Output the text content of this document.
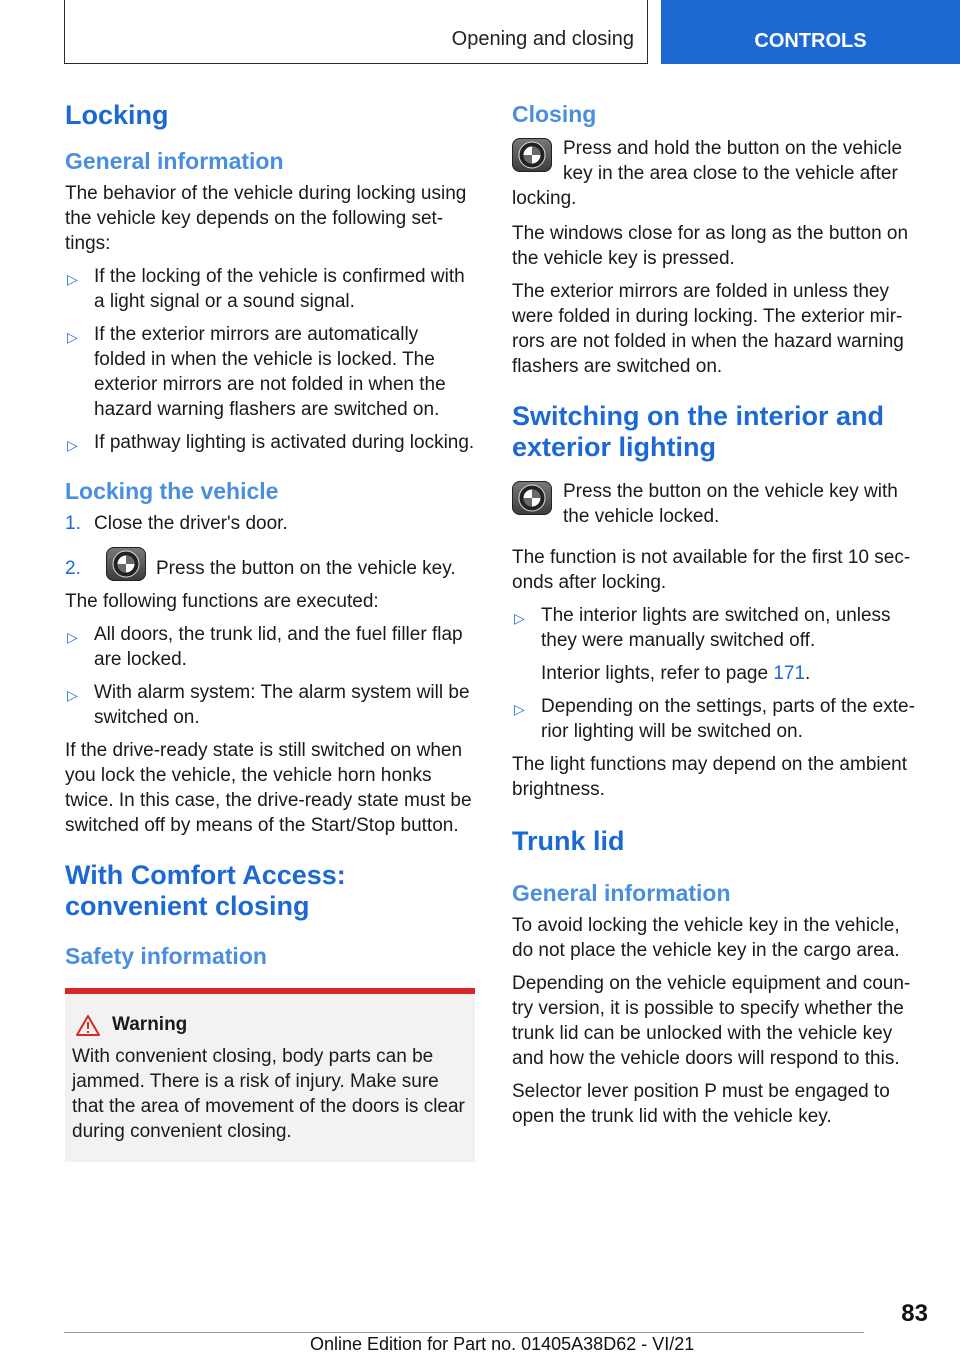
Opening and closing	CONTROLS
Locking
General information

The behavior of the vehicle during locking using the vehicle key depends on the following set-tings:

▷ If the locking of the vehicle is confirmed with a light signal or a sound signal.
▷ If the exterior mirrors are automatically folded in when the vehicle is locked. The exterior mirrors are not folded in when the hazard warning flashers are switched on.
▷ If pathway lighting is activated during locking.
Locking the vehicle
1. Close the driver's door.
2.	Press the button on the vehicle key.

The following functions are executed:

▷ All doors, the trunk lid, and the fuel filler flap are locked.
▷ With alarm system: The alarm system will be switched on.

If the drive-ready state is still switched on when you lock the vehicle, the vehicle horn honks twice. In this case, the drive-ready state must be switched off by means of the Start/Stop button.

With Comfort Access: convenient closing
Safety information
Warning

With convenient closing, body parts can be jammed. There is a risk of injury. Make sure that the area of movement of the doors is clear during convenient closing.

Closing

Press and hold the button on the vehicle
key in the area close to the vehicle after
locking.

The windows close for as long as the button on the vehicle key is pressed.

The exterior mirrors are folded in unless they were folded in during locking. The exterior mir-rors are not folded in when the hazard warning flashers are switched on.

Switching on the interior and exterior lighting

Press the button on the vehicle key with
the vehicle locked.

The function is not available for the first 10 sec-onds after locking.

▷ The interior lights are switched on, unless they were manually switched off.

Interior lights, refer to page 171.

▷ Depending on the settings, parts of the exte-rior lighting will be switched on.

The light functions may depend on the ambient brightness.

Trunk lid
General information

To avoid locking the vehicle key in the vehicle, do not place the vehicle key in the cargo area.

Depending on the vehicle equipment and coun-try version, it is possible to specify whether the trunk lid can be unlocked with the vehicle key and how the vehicle doors will respond to this.

Selector lever position P must be engaged to open the trunk lid with the vehicle key.

83
Online Edition for Part no. 01405A38D62 - VI/21
